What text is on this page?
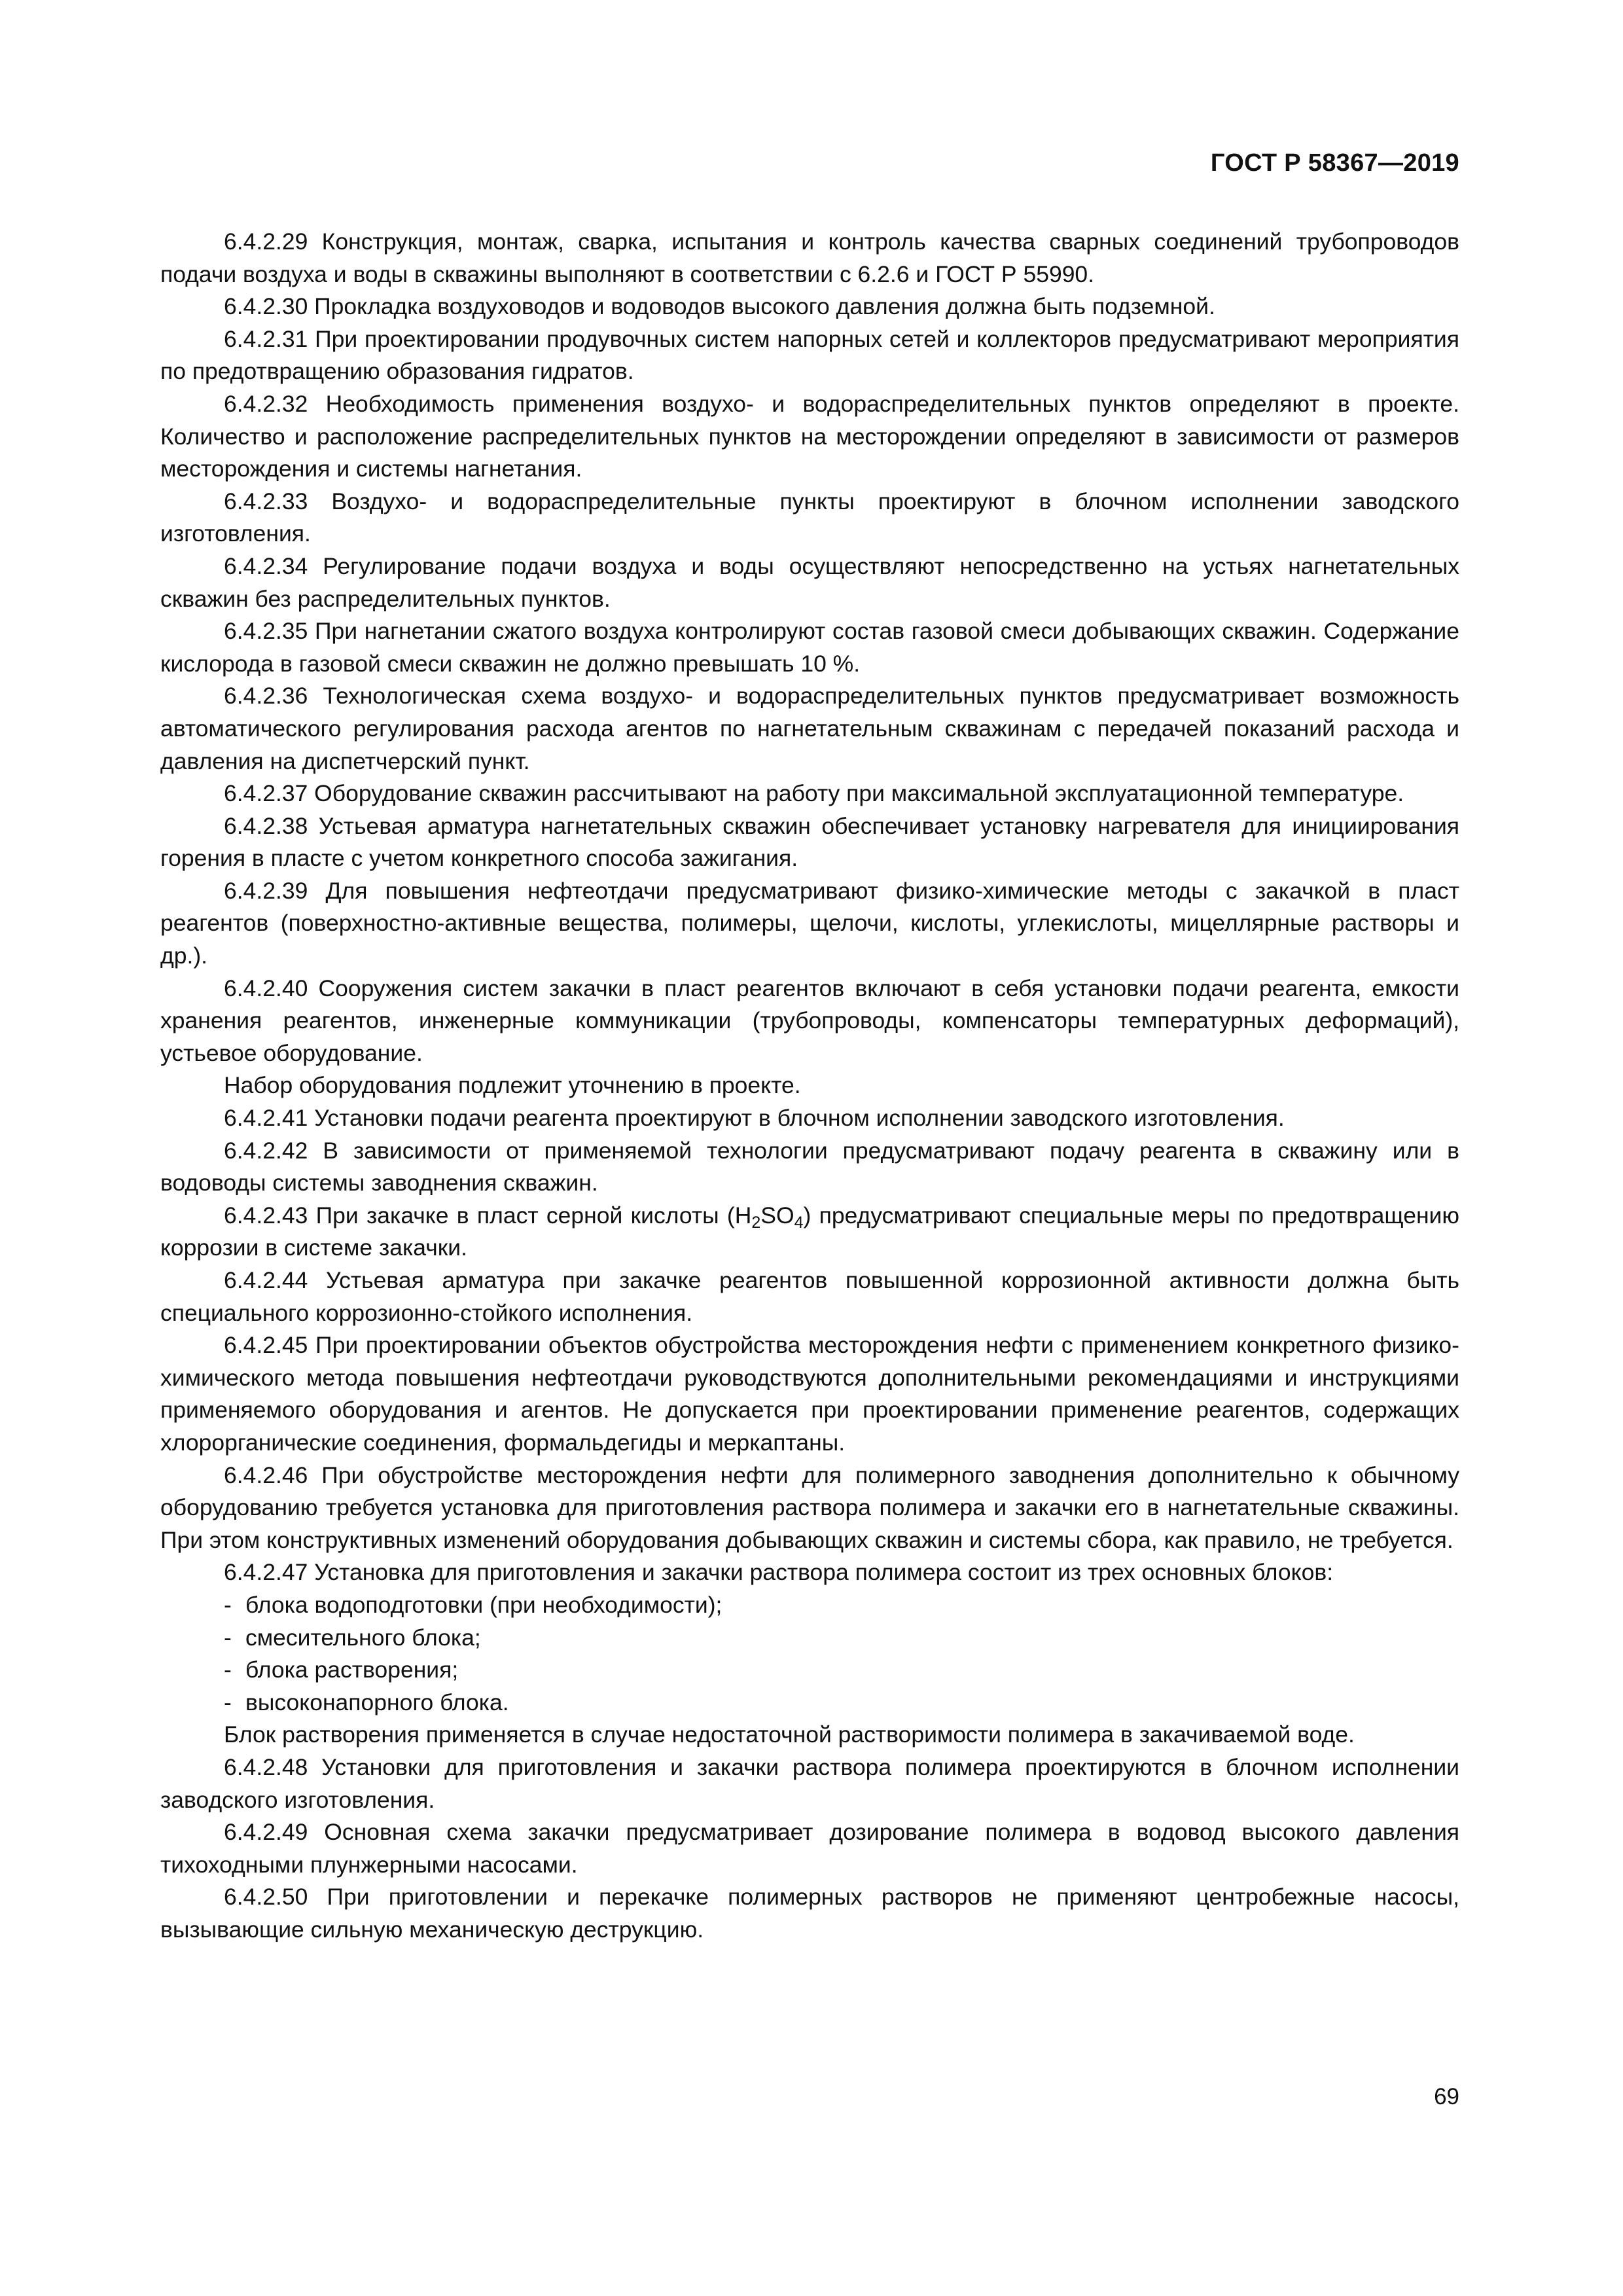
ГОСТ Р 58367—2019

6.4.2.29 Конструкция, монтаж, сварка, испытания и контроль качества сварных соединений трубопроводов подачи воздуха и воды в скважины выполняют в соответствии с 6.2.6 и ГОСТ Р 55990.

6.4.2.30 Прокладка воздуховодов и водоводов высокого давления должна быть подземной.

6.4.2.31 При проектировании продувочных систем напорных сетей и коллекторов предусматривают мероприятия по предотвращению образования гидратов.

6.4.2.32 Необходимость применения воздухо- и водораспределительных пунктов определяют в проекте. Количество и расположение распределительных пунктов на месторождении определяют в зависимости от размеров месторождения и системы нагнетания.

6.4.2.33 Воздухо- и водораспределительные пункты проектируют в блочном исполнении заводского изготовления.

6.4.2.34 Регулирование подачи воздуха и воды осуществляют непосредственно на устьях нагнетательных скважин без распределительных пунктов.

6.4.2.35 При нагнетании сжатого воздуха контролируют состав газовой смеси добывающих скважин. Содержание кислорода в газовой смеси скважин не должно превышать 10 %.

6.4.2.36 Технологическая схема воздухо- и водораспределительных пунктов предусматривает возможность автоматического регулирования расхода агентов по нагнетательным скважинам с передачей показаний расхода и давления на диспетчерский пункт.

6.4.2.37 Оборудование скважин рассчитывают на работу при максимальной эксплуатационной температуре.

6.4.2.38 Устьевая арматура нагнетательных скважин обеспечивает установку нагревателя для инициирования горения в пласте с учетом конкретного способа зажигания.

6.4.2.39 Для повышения нефтеотдачи предусматривают физико-химические методы с закачкой в пласт реагентов (поверхностно-активные вещества, полимеры, щелочи, кислоты, углекислоты, мицеллярные растворы и др.).

6.4.2.40 Сооружения систем закачки в пласт реагентов включают в себя установки подачи реагента, емкости хранения реагентов, инженерные коммуникации (трубопроводы, компенсаторы температурных деформаций), устьевое оборудование.

Набор оборудования подлежит уточнению в проекте.

6.4.2.41 Установки подачи реагента проектируют в блочном исполнении заводского изготовления.

6.4.2.42 В зависимости от применяемой технологии предусматривают подачу реагента в скважину или в водоводы системы заводнения скважин.

6.4.2.43 При закачке в пласт серной кислоты $(H_2SO_4)$ предусматривают специальные меры по предотвращению коррозии в системе закачки.

6.4.2.44 Устьевая арматура при закачке реагентов повышенной коррозионной активности должна быть специального коррозионно-стойкого исполнения.

6.4.2.45 При проектировании объектов обустройства месторождения нефти с применением конкретного физико-химического метода повышения нефтеотдачи руководствуются дополнительными рекомендациями и инструкциями применяемого оборудования и агентов. Не допускается при проектировании применение реагентов, содержащих хлорорганические соединения, формальдегиды и меркаптаны.

6.4.2.46 При обустройстве месторождения нефти для полимерного заводнения дополнительно к обычному оборудованию требуется установка для приготовления раствора полимера и закачки его в нагнетательные скважины. При этом конструктивных изменений оборудования добывающих скважин и системы сбора, как правило, не требуется.

6.4.2.47 Установка для приготовления и закачки раствора полимера состоит из трех основных блоков:

- блока водоподготовки (при необходимости);

- смесительного блока;

- блока растворения;

- высоконапорного блока.

Блок растворения применяется в случае недостаточной растворимости полимера в закачиваемой воде.

6.4.2.48 Установки для приготовления и закачки раствора полимера проектируются в блочном исполнении заводского изготовления.

6.4.2.49 Основная схема закачки предусматривает дозирование полимера в водовод высокого давления тихоходными плунжерными насосами.

6.4.2.50 При приготовлении и перекачке полимерных растворов не применяют центробежные насосы, вызывающие сильную механическую деструкцию.

69
